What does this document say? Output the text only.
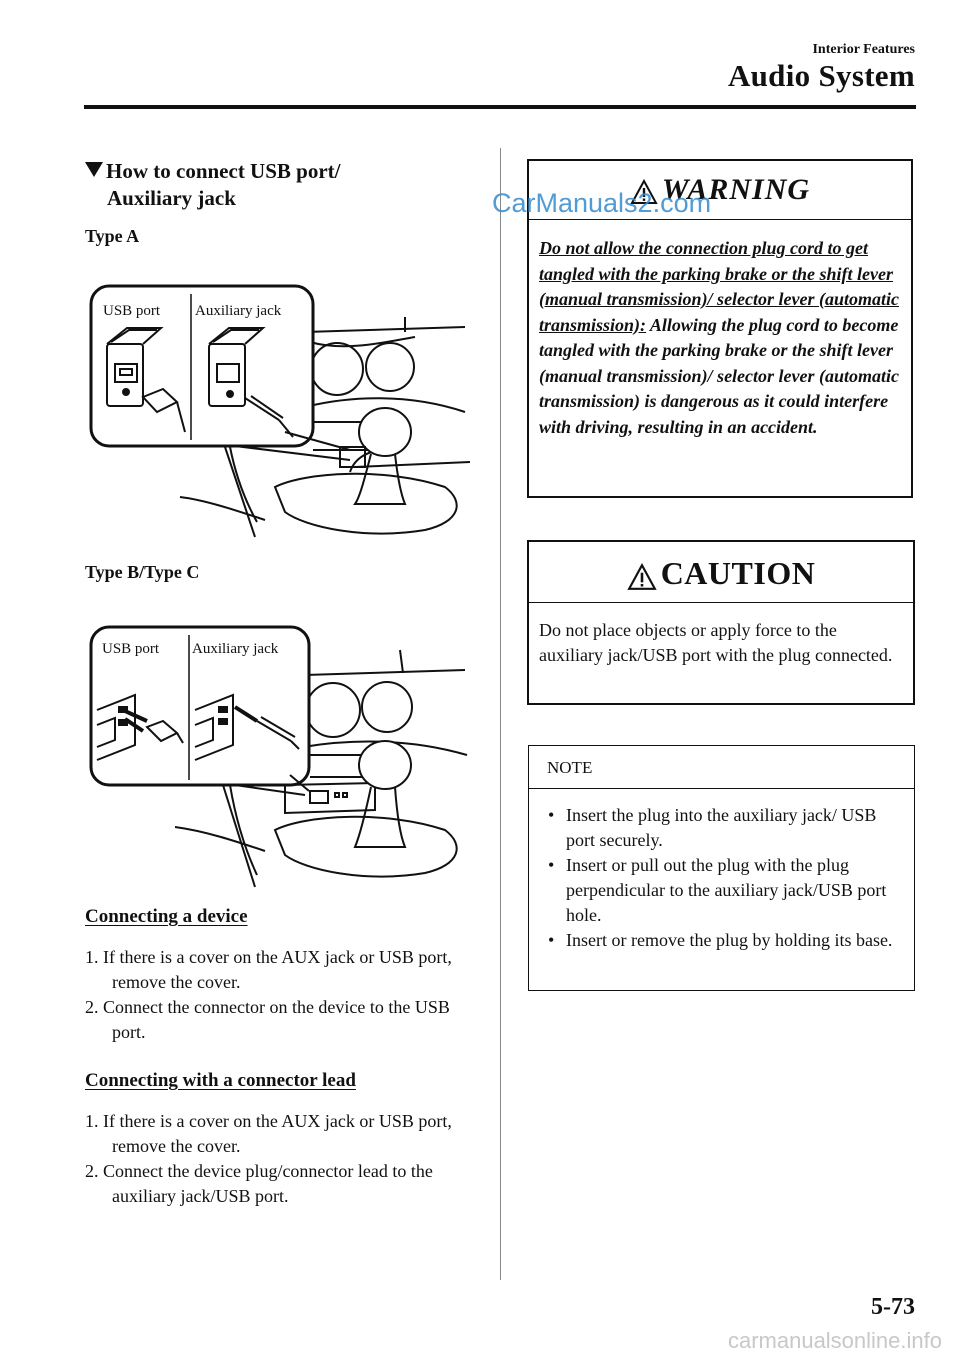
Interior Features
Audio System
How to connect USB port/
Auxiliary jack
Type A
USB port Auxiliary jack
Type B/Type C
USB port Auxiliary jack
Connecting a device
1. If there is a cover on the AUX jack or USB port, remove the cover.
2. Connect the connector on the device to the USB port.
Connecting with a connector lead
1. If there is a cover on the AUX jack or USB port, remove the cover.
2. Connect the device plug/connector lead to the auxiliary jack/USB port.
WARNING
Do not allow the connection plug cord to get tangled with the parking brake or the shift lever (manual transmission)/ selector lever (automatic transmission): Allowing the plug cord to become tangled with the parking brake or the shift lever (manual transmission)/ selector lever (automatic transmission) is dangerous as it could interfere with driving, resulting in an accident.
CAUTION
Do not place objects or apply force to the auxiliary jack/USB port with the plug connected.
NOTE
• Insert the plug into the auxiliary jack/ USB port securely.
• Insert or pull out the plug with the plug perpendicular to the auxiliary jack/USB port hole.
• Insert or remove the plug by holding its base.
CarManuals2.com
5-73
carmanualsonline.info
